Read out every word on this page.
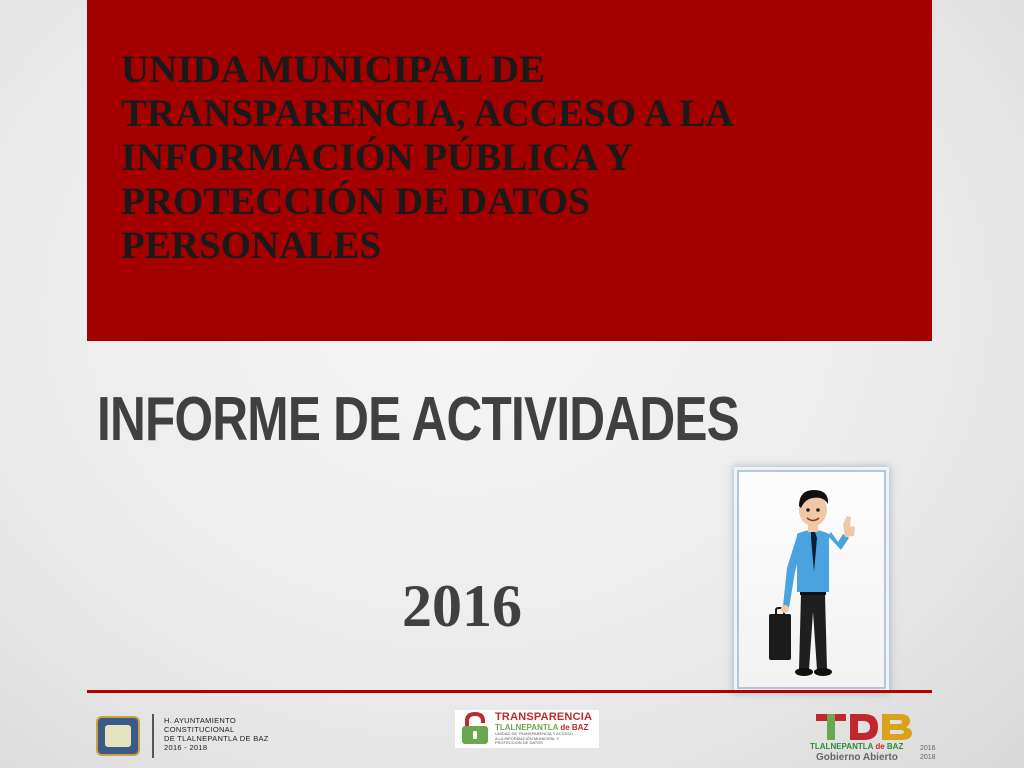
UNIDA MUNICIPAL DE
TRANSPARENCIA, ACCESO A LA
INFORMACIÓN PÚBLICA Y
PROTECCIÓN DE DATOS
PERSONALES
INFORME DE ACTIVIDADES
2016

H. AYUNTAMIENTO
CONSTITUCIONAL
DE TLALNEPANTLA DE BAZ
2016 - 2018

TRANSPARENCIA

TLALNEPANTLA de BAZ

UNIDAD DE TRANSPARENCIA Y ACCESO
A LA INFORMACIÓN MUNICIPAL Y
PROTECCIÓN DE DATOS	TLALNEPANTLA de BAZ

Gobierno Abierto

2016
2018
